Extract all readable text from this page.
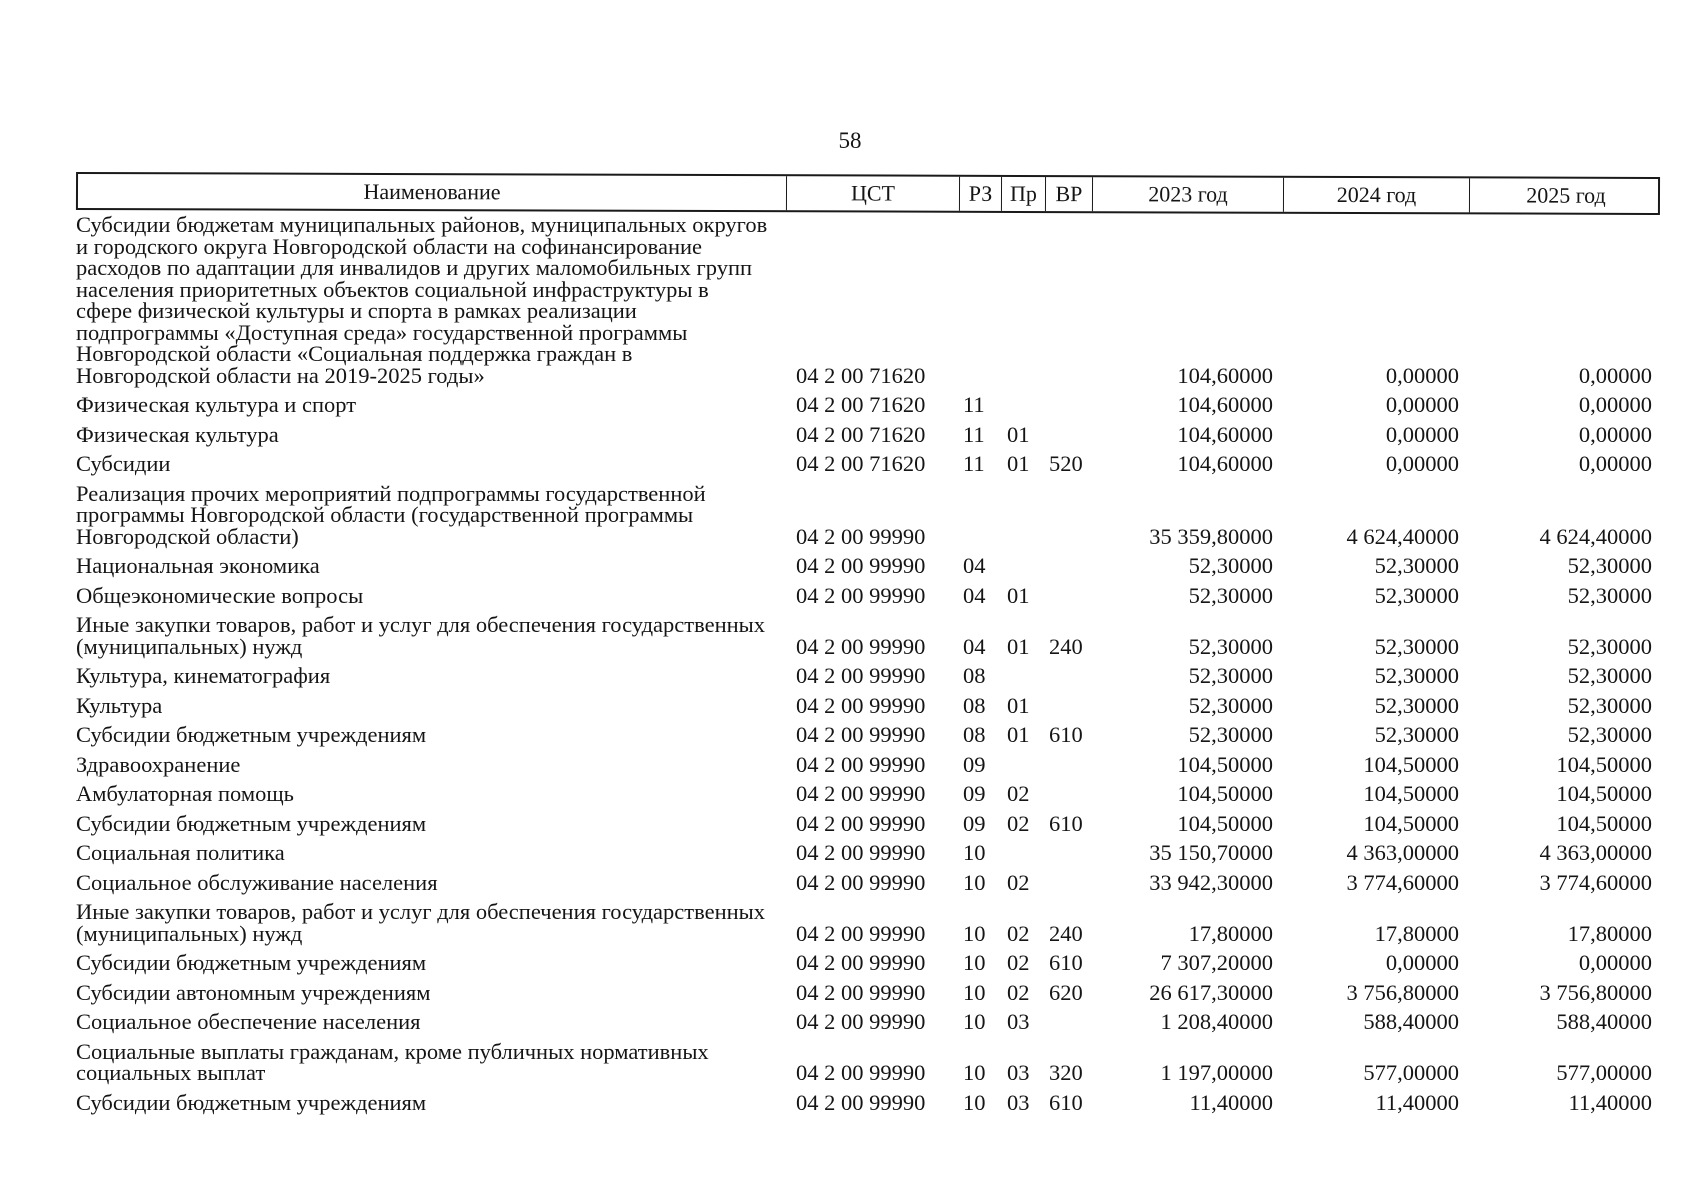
58
Наименование	ЦСТ	РЗ Пр ВР	2023 год	2024 год	2025 год
Субсидии бюджетам муниципальных районов, муниципальных округов и городского округа Новгородской области на софинансирование расходов по адаптации для инвалидов и других маломобильных групп населения приоритетных объектов социальной инфраструктуры в сфере физической культуры и спорта в рамках реализации подпрограммы «Доступная среда» государственной программы Новгородской области «Социальная поддержка граждан в Новгородской области на 2019-2025 годы»	04 2 00 71620	104,60000	0,00000	0,00000
Физическая культура и спорт	04 2 00 71620	11	104,60000	0,00000	0,00000
Физическая культура	04 2 00 71620	11 01	104,60000	0,00000	0,00000
Субсидии	04 2 00 71620	11 01 520	104,60000	0,00000	0,00000
Реализация прочих мероприятий подпрограммы государственной программы Новгородской области (государственной программы Новгородской области)	04 2 00 99990	35 359,80000	4 624,40000	4 624,40000
Национальная экономика	04 2 00 99990	04	52,30000	52,30000	52,30000
Общеэкономические вопросы	04 2 00 99990	04 01	52,30000	52,30000	52,30000
Иные закупки товаров, работ и услуг для обеспечения государственных (муниципальных) нужд	04 2 00 99990	04 01 240	52,30000	52,30000	52,30000
Культура, кинематография	04 2 00 99990	08	52,30000	52,30000	52,30000
Культура	04 2 00 99990	08 01	52,30000	52,30000	52,30000
Субсидии бюджетным учреждениям	04 2 00 99990	08 01 610	52,30000	52,30000	52,30000
Здравоохранение	04 2 00 99990	09	104,50000	104,50000	104,50000
Амбулаторная помощь	04 2 00 99990	09 02	104,50000	104,50000	104,50000
Субсидии бюджетным учреждениям	04 2 00 99990	09 02 610	104,50000	104,50000	104,50000
Социальная политика	04 2 00 99990	10	35 150,70000	4 363,00000	4 363,00000
Социальное обслуживание населения	04 2 00 99990	10 02	33 942,30000	3 774,60000	3 774,60000
Иные закупки товаров, работ и услуг для обеспечения государственных (муниципальных) нужд	04 2 00 99990	10 02 240	17,80000	17,80000	17,80000
Субсидии бюджетным учреждениям	04 2 00 99990	10 02 610	7 307,20000	0,00000	0,00000
Субсидии автономным учреждениям	04 2 00 99990	10 02 620	26 617,30000	3 756,80000	3 756,80000
Социальное обеспечение населения	04 2 00 99990	10 03	1 208,40000	588,40000	588,40000
Социальные выплаты гражданам, кроме публичных нормативных социальных выплат	04 2 00 99990	10 03 320	1 197,00000	577,00000	577,00000
Субсидии бюджетным учреждениям	04 2 00 99990	10 03 610	11,40000	11,40000	11,40000
